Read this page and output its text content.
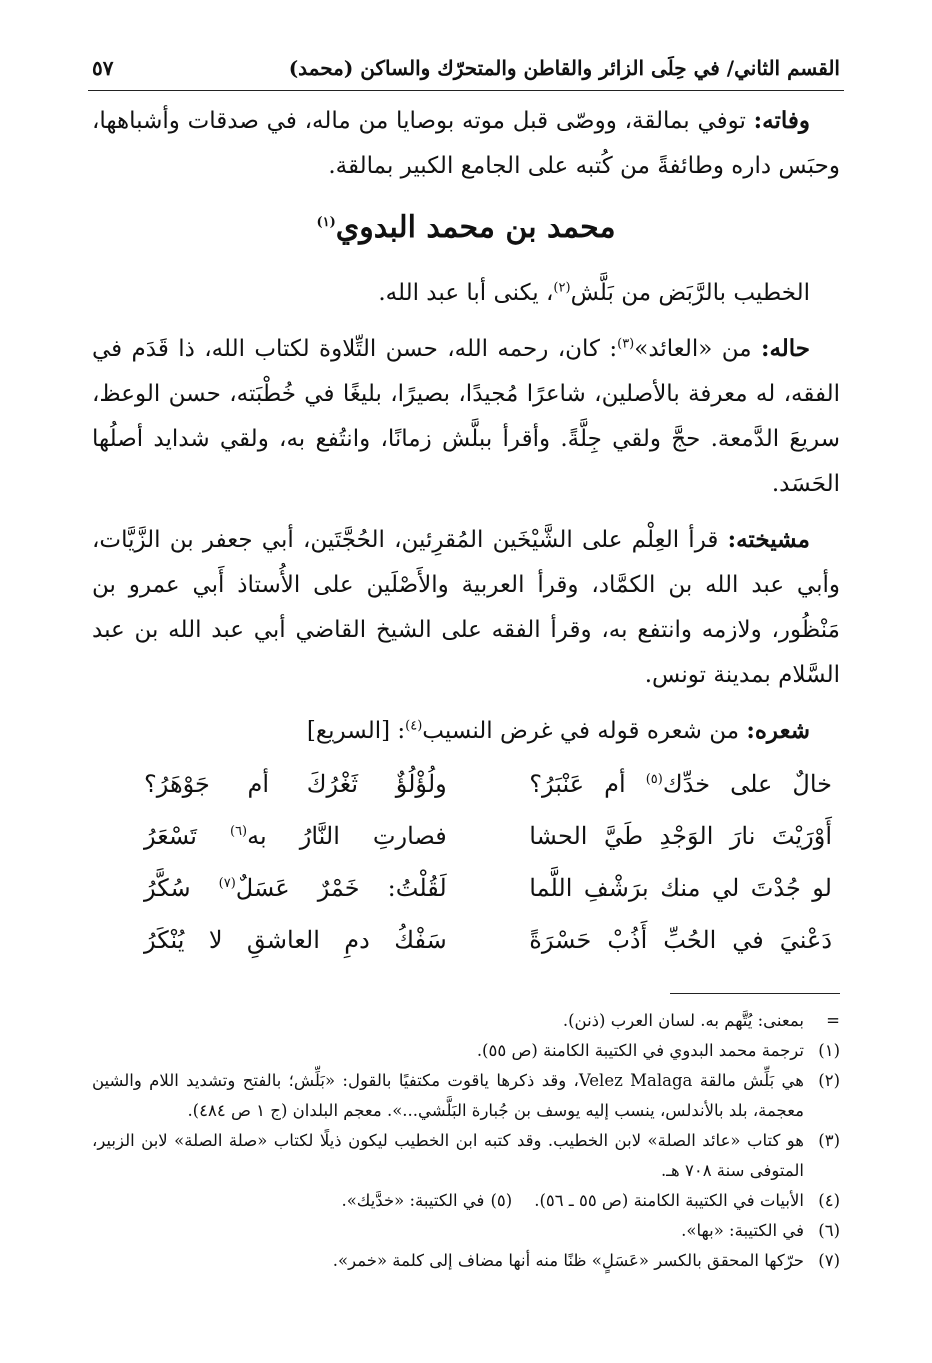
القسم الثاني/ في حِلَى الزائر والقاطن والمتحرّك والساكن (محمد)
٥٧

وفاته: توفي بمالقة، ووصّى قبل موته بوصايا من ماله، في صدقات وأشباهها، وحبَس داره وطائفةً من كُتبه على الجامع الكبير بمالقة.

محمد بن محمد البدوي$^{(١)}$

الخطيب بالرَّبَض من بَلَّش$^{(٢)}$، يكنى أبا عبد الله.

حاله: من «العائد»$^{(٣)}$: كان، رحمه الله، حسن التِّلاوة لكتاب الله، ذا قَدَم في الفقه، له معرفة بالأصلين، شاعرًا مُجيدًا، بصيرًا، بليغًا في خُطْبَته، حسن الوعظ، سريعَ الدَّمعة. حجَّ ولقي جِلَّةً. وأقرأ ببلَّش زمانًا، وانتُفع به، ولقي شدايد أصلُها الحَسَد.

مشيخته: قرأ العِلْم على الشَّيْخَين المُقرِئين، الحُجَّتَين، أبي جعفر بن الزَّيَّات، وأبي عبد الله بن الكمَّاد، وقرأ العربية والأَصْلَين على الأُستاذ أَبي عمرو بن مَنْظُور، ولازمه وانتفع به، وقرأ الفقه على الشيخ القاضي أبي عبد الله بن عبد السَّلام بمدينة تونس.

شعره: من شعره قوله في غرض النسيب$^{(٤)}$: [السريع]

خالٌ على خدِّك$^{(٥)}$ أم عَنْبَرُ؟
ولُؤْلُؤٌ ثَغْرُكَ أم جَوْهَرُ؟
أَوْرَيْتَ نارَ الوَجْدِ طَيَّ الحشا
فصارتِ النَّارُ به$^{(٦)}$ تَسْعَرُ
لو جُدْتَ لي منك برَشْفِ اللَّما
لَقُلْتُ: خَمْرٌ عَسَلٌ$^{(٧)}$ سُكَّرُ
دَعْنيَ في الحُبِّ أَذُبْ حَسْرَةً
سَفْكُ دمِ العاشقِ لا يُنْكَرُ
=
بمعنى: يُتَّهم به. لسان العرب (ذنن).
(١)
ترجمة محمد البدوي في الكتيبة الكامنة (ص ٥٥).
(٢)
هي بَلِّش مالقة Velez Malaga، وقد ذكرها ياقوت مكتفيًا بالقول: «بَلِّش؛ بالفتح وتشديد اللام والشين معجمة، بلد بالأندلس، ينسب إليه يوسف بن جُبارة البَلَّشي...». معجم البلدان (ج ١ ص ٤٨٤).
(٣)
هو كتاب «عائد الصلة» لابن الخطيب. وقد كتبه ابن الخطيب ليكون ذيلًا لكتاب «صلة الصلة» لابن الزبير، المتوفى سنة ٧٠٨ هـ.
(٤)
الأبيات في الكتيبة الكامنة (ص ٥٥ ـ ٥٦).
(٥)
في الكتيبة: «خدَّيك».
(٦)
في الكتيبة: «بها».
(٧)
حرّكها المحقق بالكسر «عَسَلٍ» ظنًا منه أنها مضاف إلى كلمة «خمر».
